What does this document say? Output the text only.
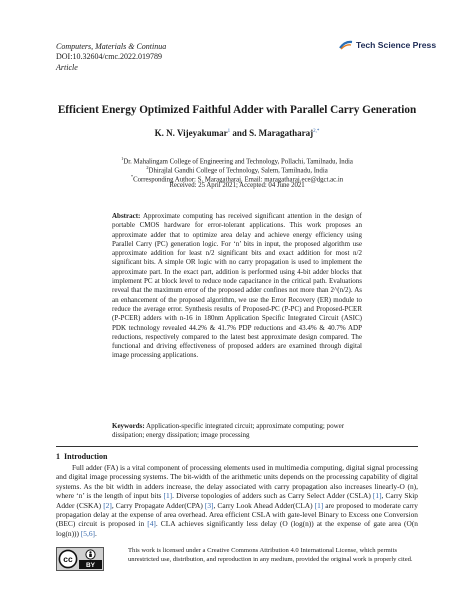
Computers, Materials & Continua
DOI:10.32604/cmc.2022.019789
Article
Tech Science Press
Efficient Energy Optimized Faithful Adder with Parallel Carry Generation
K. N. Vijeyakumar$^1$ and S. Maragatharaj$^{2,*}$
$^1$Dr. Mahalingam College of Engineering and Technology, Pollachi, Tamilnadu, India
$^2$Dhirajlal Gandhi College of Technology, Salem, Tamilnadu, India
*Corresponding Author: S. Maragatharaj. Email: maragatharaj.ece@dgct.ac.in
Received: 25 April 2021; Accepted: 04 June 2021
Abstract: Approximate computing has received significant attention in the design of portable CMOS hardware for error-tolerant applications. This work proposes an approximate adder that to optimize area delay and achieve energy efficiency using Parallel Carry (PC) generation logic. For ‘n’ bits in input, the proposed algorithm use approximate addition for least n/2 significant bits and exact addition for most n/2 significant bits. A simple OR logic with no carry propagation is used to implement the approximate part. In the exact part, addition is performed using 4-bit adder blocks that implement PC at block level to reduce node capacitance in the critical path. Evaluations reveal that the maximum error of the proposed adder confines not more than 2^(n/2). As an enhancement of the proposed algorithm, we use the Error Recovery (ER) module to reduce the average error. Synthesis results of Proposed-PC (P-PC) and Proposed-PCER (P-PCER) adders with n-16 in 180nm Application Specific Integrated Circuit (ASIC) PDK technology revealed 44.2% & 41.7% PDP reductions and 43.4% & 40.7% ADP reductions, respectively compared to the latest best approximate design compared. The functional and driving effectiveness of proposed adders are examined through digital image processing applications.
Keywords: Application-specific integrated circuit; approximate computing; power dissipation; energy dissipation; image processing
1 Introduction
Full adder (FA) is a vital component of processing elements used in multimedia computing, digital signal processing and digital image processing systems. The bit-width of the arithmetic units depends on the processing capability of digital systems. As the bit width in adders increase, the delay associated with carry propagation also increases linearly-O (n), where ‘n’ is the length of input bits [1]. Diverse topologies of adders such as Carry Select Adder (CSLA) [1], Carry Skip Adder (CSKA) [2], Carry Propagate Adder(CPA) [3], Carry Look Ahead Adder(CLA) [1] are proposed to moderate carry propagation delay at the expense of area overhead. Area efficient CSLA with gate-level Binary to Excess one Conversion (BEC) circuit is proposed in [4]. CLA achieves significantly less delay (O (log(n)) at the expense of gate area (O(n log(n))) [5,6].
cc
BY
This work is licensed under a Creative Commons Attribution 4.0 International License, which permits unrestricted use, distribution, and reproduction in any medium, provided the original work is properly cited.
